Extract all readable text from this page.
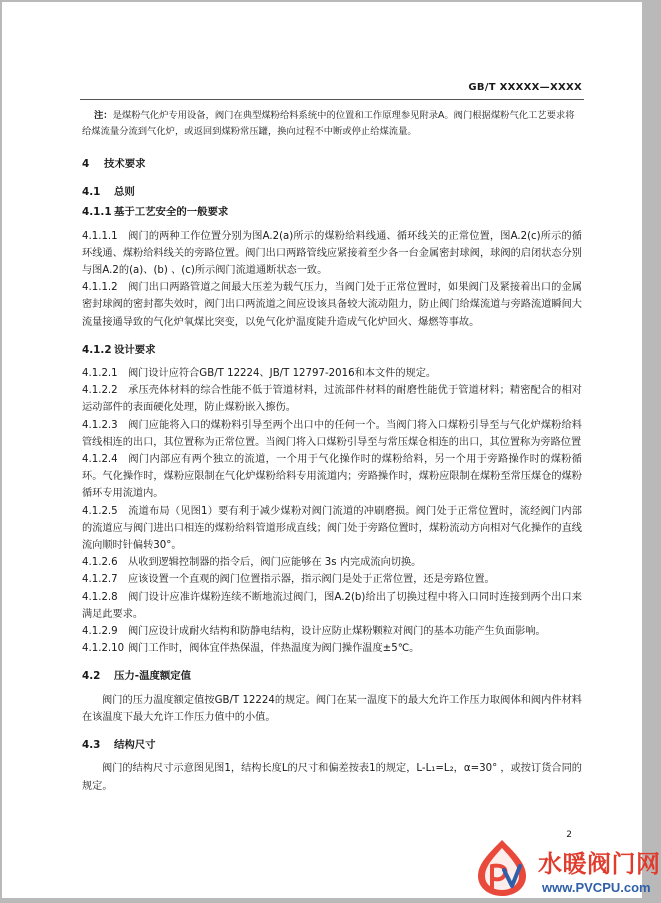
GB/T XXXXX—XXXX

注：是煤粉气化炉专用设备，阀门在典型煤粉给料系统中的位置和工作原理参见附录A。阀门根据煤粉气化工艺要求将给煤流量分流到气化炉，或返回到煤粉常压罐，换向过程不中断或停止给煤流量。

4 技术要求
4.1 总则
4.1.1 基于工艺安全的一般要求

4.1.1.1 阀门的两种工作位置分别为图A.2(a)所示的煤粉给料线通、循环线关的正常位置，图A.2(c)所示的循环线通、煤粉给料线关的旁路位置。阀门出口两路管线应紧接着至少各一台金属密封球阀，球阀的启闭状态分别与图A.2的(a)、(b) 、(c)所示阀门流道通断状态一致。

4.1.1.2 阀门出口两路管道之间最大压差为载气压力，当阀门处于正常位置时，如果阀门及紧接着出口的金属密封球阀的密封都失效时，阀门出口两流道之间应设该具备较大流动阻力，防止阀门给煤流道与旁路流道瞬间大流量接通导致的气化炉氧煤比突变，以免气化炉温度陡升造成气化炉回火、爆燃等事故。

4.1.2 设计要求

4.1.2.1 阀门设计应符合GB/T 12224、JB/T 12797-2016和本文件的规定。

4.1.2.2 承压壳体材料的综合性能不低于管道材料，过流部件材料的耐磨性能优于管道材料；精密配合的相对运动部件的表面硬化处理，防止煤粉嵌入擦伤。

4.1.2.3 阀门应能将入口的煤粉料引导至两个出口中的任何一个。当阀门将入口煤粉引导至与气化炉煤粉给料管线相连的出口，其位置称为正常位置。当阀门将入口煤粉引导至与常压煤仓相连的出口，其位置称为旁路位置

4.1.2.4 阀门内部应有两个独立的流道，一个用于气化操作时的煤粉给料，另一个用于旁路操作时的煤粉循环。气化操作时，煤粉应限制在气化炉煤粉给料专用流道内；旁路操作时，煤粉应限制在煤粉至常压煤仓的煤粉循环专用流道内。

4.1.2.5 流道布局（见图1）要有利于减少煤粉对阀门流道的冲刷磨损。阀门处于正常位置时，流经阀门内部的流道应与阀门进出口相连的煤粉给料管道形成直线；阀门处于旁路位置时，煤粉流动方向相对气化操作的直线流向顺时针偏转30°。

4.1.2.6 从收到逻辑控制器的指令后，阀门应能够在 3s 内完成流向切换。

4.1.2.7 应该设置一个直观的阀门位置指示器，指示阀门是处于正常位置，还是旁路位置。

4.1.2.8 阀门设计应准许煤粉连续不断地流过阀门，图A.2(b)给出了切换过程中将入口同时连接到两个出口来满足此要求。

4.1.2.9 阀门应设计成耐火结构和防静电结构，设计应防止煤粉颗粒对阀门的基本功能产生负面影响。

4.1.2.10 阀门工作时，阀体宜伴热保温，伴热温度为阀门操作温度±5℃。

4.2 压力-温度额定值

阀门的压力温度额定值按GB/T 12224的规定。阀门在某一温度下的最大允许工作压力取阀体和阀内件材料在该温度下最大允许工作压力值中的小值。

4.3 结构尺寸

阀门的结构尺寸示意图见图1，结构长度L的尺寸和偏差按表1的规定，L-L₁=L₂，α=30° ，或按订货合同的规定。

2
水暖阀门网
www.PVCPU.com
